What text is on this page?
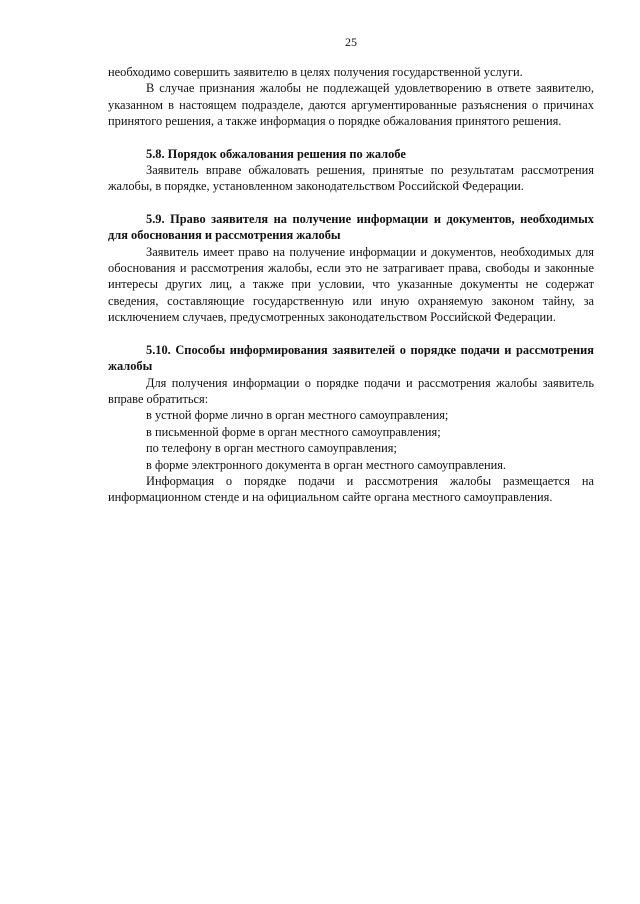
25

необходимо совершить заявителю в целях получения государственной услуги.

В случае признания жалобы не подлежащей удовлетворению в ответе заявителю, указанном в настоящем подразделе, даются аргументированные разъяснения о причинах принятого решения, а также информация о порядке обжалования принятого решения.

5.8. Порядок обжалования решения по жалобе

Заявитель вправе обжаловать решения, принятые по результатам рассмотрения жалобы, в порядке, установленном законодательством Российской Федерации.

5.9. Право заявителя на получение информации и документов, необходимых для обоснования и рассмотрения жалобы

Заявитель имеет право на получение информации и документов, необходимых для обоснования и рассмотрения жалобы, если это не затрагивает права, свободы и законные интересы других лиц, а также при условии, что указанные документы не содержат сведения, составляющие государственную или иную охраняемую законом тайну, за исключением случаев, предусмотренных законодательством Российской Федерации.

5.10. Способы информирования заявителей о порядке подачи и рассмотрения жалобы

Для получения информации о порядке подачи и рассмотрения жалобы заявитель вправе обратиться:

в устной форме лично в орган местного самоуправления;

в письменной форме в орган местного самоуправления;

по телефону в орган местного самоуправления;

в форме электронного документа в орган местного самоуправления.

Информация о порядке подачи и рассмотрения жалобы размещается на информационном стенде и на официальном сайте органа местного самоуправления.
